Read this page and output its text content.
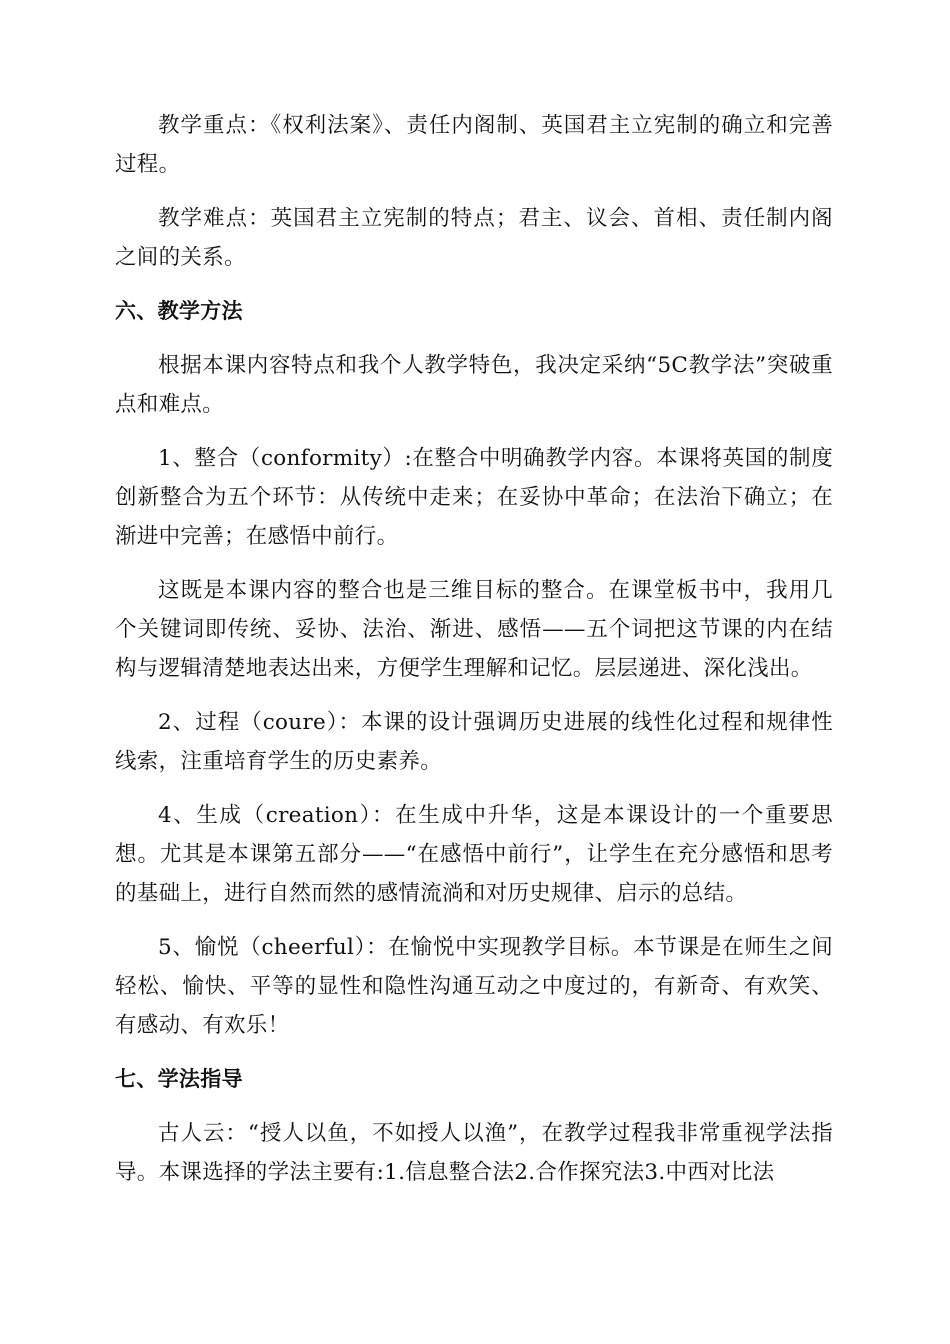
教学重点：《权利法案》、责任内阁制、英国君主立宪制的确立和完善过程。

教学难点：英国君主立宪制的特点；君主、议会、首相、责任制内阁之间的关系。

六、教学方法

根据本课内容特点和我个人教学特色，我决定采纳“5C教学法”突破重点和难点。

1、整合（conformity）:在整合中明确教学内容。本课将英国的制度创新整合为五个环节：从传统中走来；在妥协中革命；在法治下确立；在渐进中完善；在感悟中前行。

这既是本课内容的整合也是三维目标的整合。在课堂板书中，我用几个关键词即传统、妥协、法治、渐进、感悟——五个词把这节课的内在结构与逻辑清楚地表达出来，方便学生理解和记忆。层层递进、深化浅出。

2、过程（coure）：本课的设计强调历史进展的线性化过程和规律性线索，注重培育学生的历史素养。

4、生成（creation）：在生成中升华，这是本课设计的一个重要思想。尤其是本课第五部分——“在感悟中前行”，让学生在充分感悟和思考的基础上，进行自然而然的感情流淌和对历史规律、启示的总结。

5、愉悦（cheerful）：在愉悦中实现教学目标。本节课是在师生之间轻松、愉快、平等的显性和隐性沟通互动之中度过的，有新奇、有欢笑、有感动、有欢乐！

七、学法指导

古人云：“授人以鱼，不如授人以渔”，在教学过程我非常重视学法指导。本课选择的学法主要有:1.信息整合法2.合作探究法3.中西对比法
